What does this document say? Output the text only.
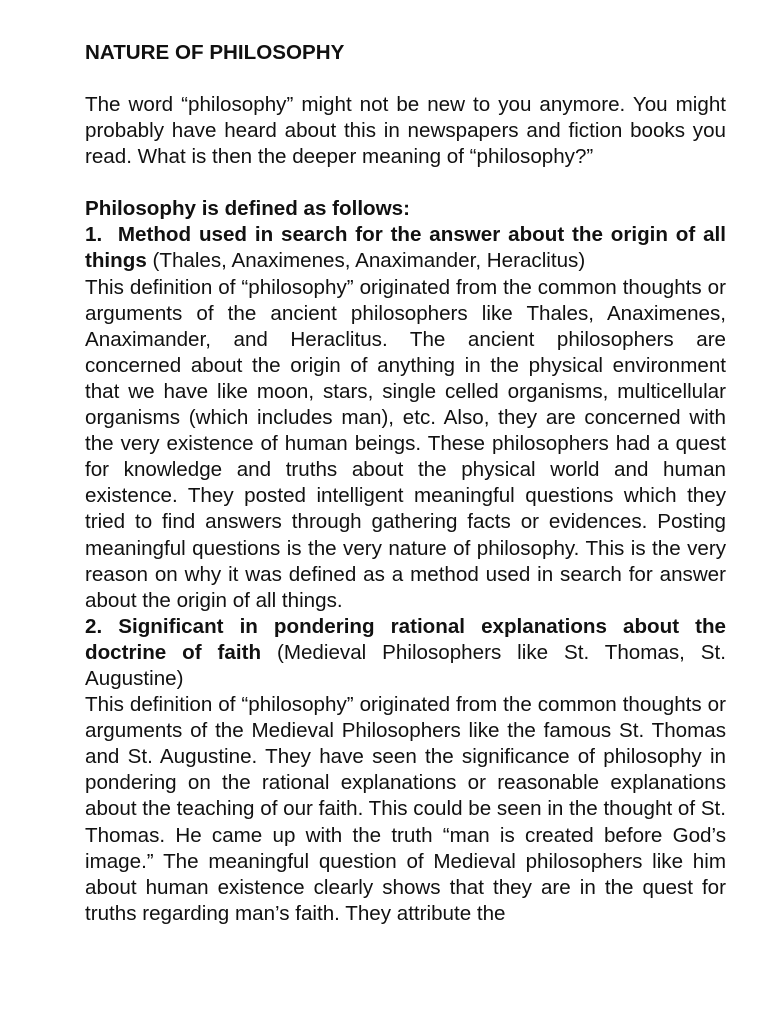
NATURE OF PHILOSOPHY

The word “philosophy” might not be new to you anymore. You might probably have heard about this in newspapers and fiction books you read. What is then the deeper meaning of “philosophy?”

Philosophy is defined as follows:

1. Method used in search for the answer about the origin of all things (Thales, Anaximenes, Anaximander, Heraclitus)

This definition of “philosophy” originated from the common thoughts or arguments of the ancient philosophers like Thales, Anaximenes, Anaximander, and Heraclitus. The ancient philosophers are concerned about the origin of anything in the physical environment that we have like moon, stars, single celled organisms, multicellular organisms (which includes man), etc. Also, they are concerned with the very existence of human beings. These philosophers had a quest for knowledge and truths about the physical world and human existence. They posted intelligent meaningful questions which they tried to find answers through gathering facts or evidences. Posting meaningful questions is the very nature of philosophy. This is the very reason on why it was defined as a method used in search for answer about the origin of all things.

2. Significant in pondering rational explanations about the doctrine of faith (Medieval Philosophers like St. Thomas, St. Augustine)

This definition of “philosophy” originated from the common thoughts or arguments of the Medieval Philosophers like the famous St. Thomas and St. Augustine. They have seen the significance of philosophy in pondering on the rational explanations or reasonable explanations about the teaching of our faith. This could be seen in the thought of St. Thomas. He came up with the truth “man is created before God’s image.” The meaningful question of Medieval philosophers like him about human existence clearly shows that they are in the quest for truths regarding man’s faith. They attribute the
